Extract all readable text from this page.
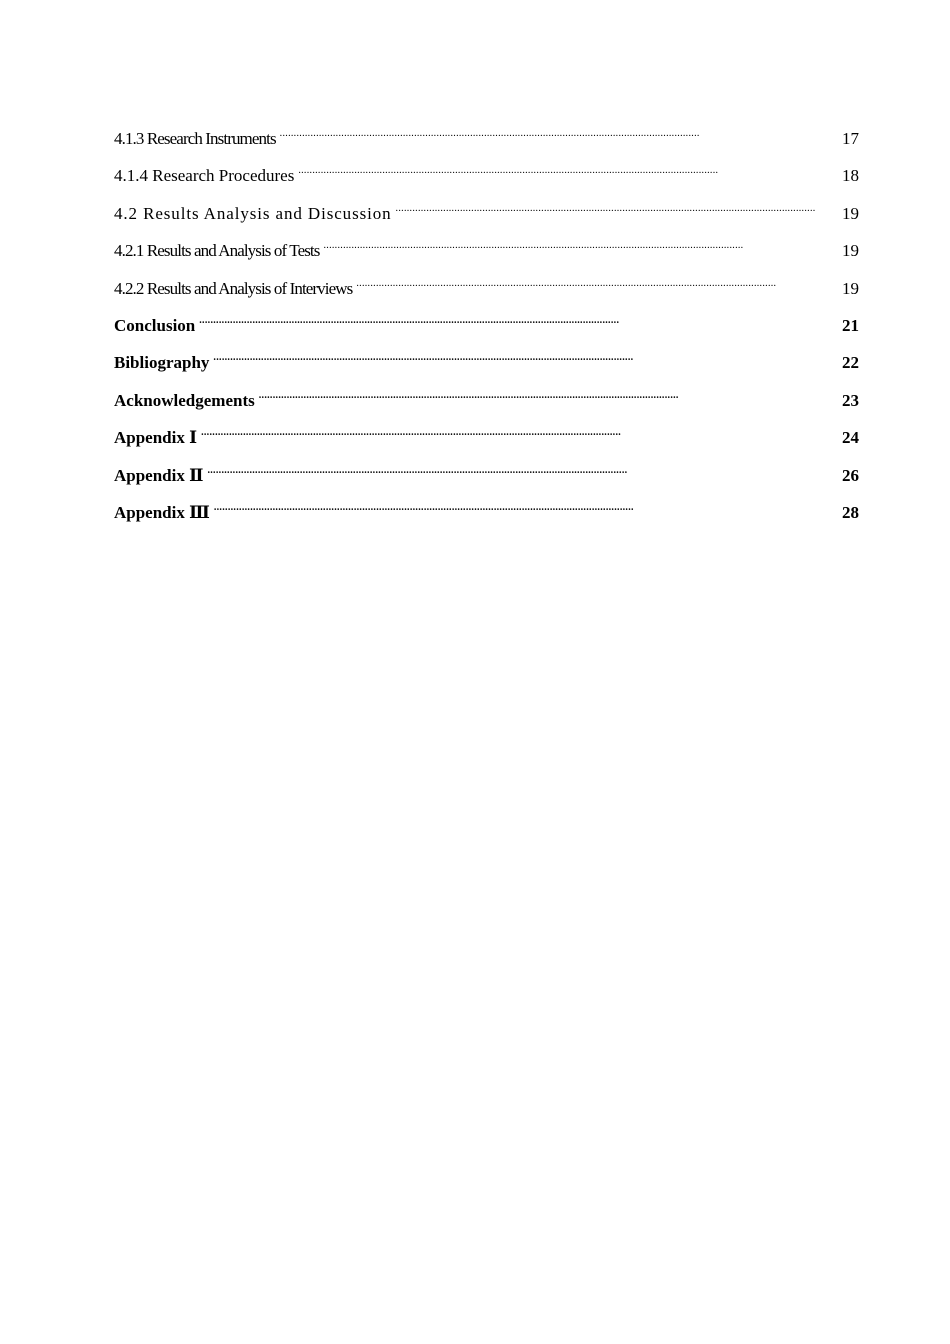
4.1.3 Research Instruments . . .	17
4.1.4 Research Procedures . . .	18
4.2 Results Analysis and Discussion . . .	19
4.2.1 Results and Analysis of Tests . . .	19
4.2.2 Results and Analysis of Interviews . . .	19
Conclusion . . .	21
Bibliography . . .	22
Acknowledgements . . .	23
Appendix Ⅰ . . .	24
Appendix Ⅱ . . .	26
Appendix Ⅲ . . .	28
